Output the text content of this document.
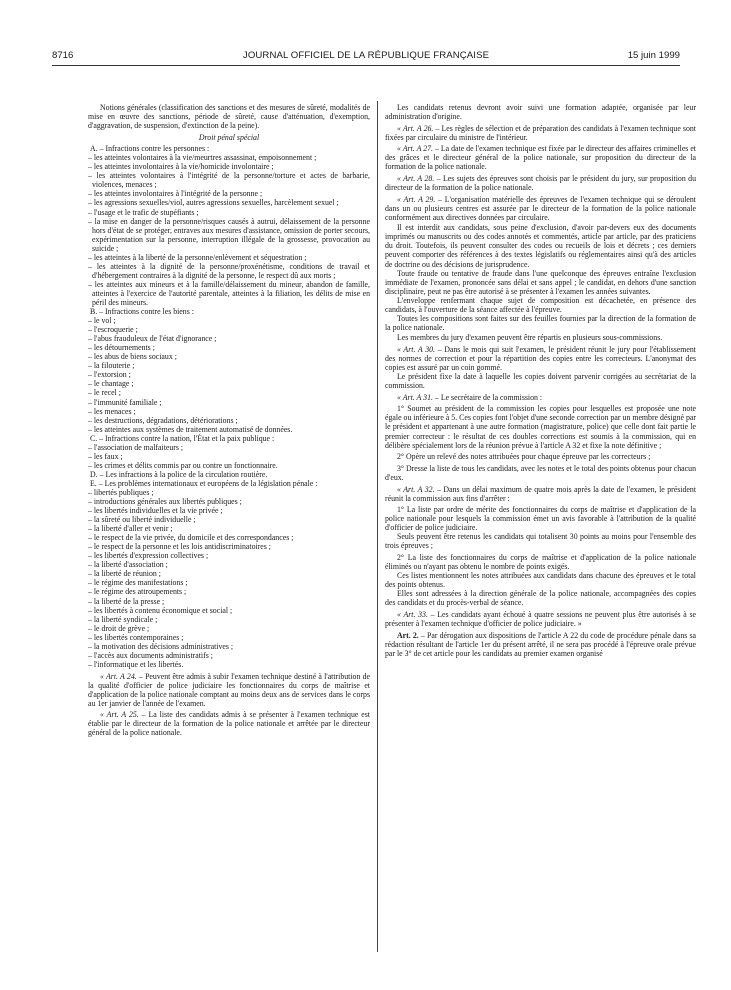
8716	JOURNAL OFFICIEL DE LA RÉPUBLIQUE FRANÇAISE	15 juin 1999

Notions générales (classification des sanctions et des mesures de sûreté, modalités de mise en œuvre des sanctions, période de sûreté, cause d'atténuation, d'exemption, d'aggravation, de suspension, d'extinction de la peine).

Droit pénal spécial

A. – Infractions contre les personnes :

– les atteintes volontaires à la vie/meurtres assassinat, empoisonnement ;

– les atteintes involontaires à la vie/homicide involontaire ;

– les atteintes volontaires à l'intégrité de la personne/torture et actes de barbarie, violences, menaces ;

– les atteintes involontaires à l'intégrité de la personne ;

– les agressions sexuelles/viol, autres agressions sexuelles, harcèlement sexuel ;

– l'usage et le trafic de stupéfiants ;

– la mise en danger de la personne/risques causés à autrui, délaissement de la personne hors d'état de se protéger, entraves aux mesures d'assistance, omission de porter secours, expérimentation sur la personne, interruption illégale de la grossesse, provocation au suicide ;

– les atteintes à la liberté de la personne/enlèvement et séquestration ;

– les atteintes à la dignité de la personne/proxénétisme, conditions de travail et d'hébergement contraires à la dignité de la personne, le respect dû aux morts ;

– les atteintes aux mineurs et à la famille/délaissement du mineur, abandon de famille, atteintes à l'exercice de l'autorité parentale, atteintes à la filiation, les délits de mise en péril des mineurs.

B. – Infractions contre les biens :

– le vol ;

– l'escroquerie ;

– l'abus frauduleux de l'état d'ignorance ;

– les détournements ;

– les abus de biens sociaux ;

– la filouterie ;

– l'extorsion ;

– le chantage ;

– le recel ;

– l'immunité familiale ;

– les menaces ;

– les destructions, dégradations, détériorations ;

– les atteintes aux systèmes de traitement automatisé de données.

C. – Infractions contre la nation, l'État et la paix publique :

– l'association de malfaiteurs ;

– les faux ;

– les crimes et délits commis par ou contre un fonctionnaire.

D. – Les infractions à la police de la circulation routière.

E. – Les problèmes internationaux et européens de la législation pénale :

– libertés publiques ;

– introductions générales aux libertés publiques ;

– les libertés individuelles et la vie privée ;

– la sûreté ou liberté individuelle ;

– la liberté d'aller et venir ;

– le respect de la vie privée, du domicile et des correspondances ;

– le respect de la personne et les lois antidiscriminatoires ;

– les libertés d'expression collectives ;

– la liberté d'association ;

– la liberté de réunion ;

– le régime des manifestations ;

– le régime des attroupements ;

– la liberté de la presse ;

– les libertés à contenu économique et social ;

– la liberté syndicale ;

– le droit de grève ;

– les libertés contemporaines ;

– la motivation des décisions administratives ;

– l'accès aux documents administratifs ;

– l'informatique et les libertés.

« Art. A 24. – Peuvent être admis à subir l'examen technique destiné à l'attribution de la qualité d'officier de police judiciaire les fonctionnaires du corps de maîtrise et d'application de la police nationale comptant au moins deux ans de services dans le corps au 1er janvier de l'année de l'examen.

« Art. A 25. – La liste des candidats admis à se présenter à l'examen technique est établie par le directeur de la formation de la police nationale et arrêtée par le directeur général de la police nationale.

Les candidats retenus devront avoir suivi une formation adaptée, organisée par leur administration d'origine.

« Art. A 26. – Les règles de sélection et de préparation des candidats à l'examen technique sont fixées par circulaire du ministre de l'intérieur.

« Art. A 27. – La date de l'examen technique est fixée par le directeur des affaires criminelles et des grâces et le directeur général de la police nationale, sur proposition du directeur de la formation de la police nationale.

« Art. A 28. – Les sujets des épreuves sont choisis par le président du jury, sur proposition du directeur de la formation de la police nationale.

« Art. A 29. – L'organisation matérielle des épreuves de l'examen technique qui se déroulent dans un ou plusieurs centres est assurée par le directeur de la formation de la police nationale conformément aux directives données par circulaire.

Il est interdit aux candidats, sous peine d'exclusion, d'avoir par-devers eux des documents imprimés ou manuscrits ou des codes annotés et commentés, article par article, par des praticiens du droit. Toutefois, ils peuvent consulter des codes ou recueils de lois et décrets ; ces derniers peuvent comporter des références à des textes législatifs ou réglementaires ainsi qu'à des articles de doctrine ou des décisions de jurisprudence.

Toute fraude ou tentative de fraude dans l'une quelconque des épreuves entraîne l'exclusion immédiate de l'examen, prononcée sans délai et sans appel ; le candidat, en dehors d'une sanction disciplinaire, peut ne pas être autorisé à se présenter à l'examen les années suivantes.

L'enveloppe renfermant chaque sujet de composition est décachetée, en présence des candidats, à l'ouverture de la séance affectée à l'épreuve.

Toutes les compositions sont faites sur des feuilles fournies par la direction de la formation de la police nationale.

Les membres du jury d'examen peuvent être répartis en plusieurs sous-commissions.

« Art. A 30. – Dans le mois qui suit l'examen, le président réunit le jury pour l'établissement des normes de correction et pour la répartition des copies entre les correcteurs. L'anonymat des copies est assuré par un coin gommé.

Le président fixe la date à laquelle les copies doivent parvenir corrigées au secrétariat de la commission.

« Art. A 31. – Le secrétaire de la commission :

1° Soumet au président de la commission les copies pour lesquelles est proposée une note égale ou inférieure à 5. Ces copies font l'objet d'une seconde correction par un membre désigné par le président et appartenant à une autre formation (magistrature, police) que celle dont fait partie le premier correcteur : le résultat de ces doubles corrections est soumis à la commission, qui en délibère spécialement lors de la réunion prévue à l'article A 32 et fixe la note définitive ;

2° Opère un relevé des notes attribuées pour chaque épreuve par les correcteurs ;

3° Dresse la liste de tous les candidats, avec les notes et le total des points obtenus pour chacun d'eux.

« Art. A 32. – Dans un délai maximum de quatre mois après la date de l'examen, le président réunit la commission aux fins d'arrêter :

1° La liste par ordre de mérite des fonctionnaires du corps de maîtrise et d'application de la police nationale pour lesquels la commission émet un avis favorable à l'attribution de la qualité d'officier de police judiciaire.

Seuls peuvent être retenus les candidats qui totalisent 30 points au moins pour l'ensemble des trois épreuves ;

2° La liste des fonctionnaires du corps de maîtrise et d'application de la police nationale éliminés ou n'ayant pas obtenu le nombre de points exigés.

Ces listes mentionnent les notes attribuées aux candidats dans chacune des épreuves et le total des points obtenus.

Elles sont adressées à la direction générale de la police nationale, accompagnées des copies des candidats et du procès-verbal de séance.

« Art. 33. – Les candidats ayant échoué à quatre sessions ne peuvent plus être autorisés à se présenter à l'examen technique d'officier de police judiciaire. »

Art. 2. – Par dérogation aux dispositions de l'article A 22 du code de procédure pénale dans sa rédaction résultant de l'article 1er du présent arrêté, il ne sera pas procédé à l'épreuve orale prévue par le 3° de cet article pour les candidats au premier examen organisé
